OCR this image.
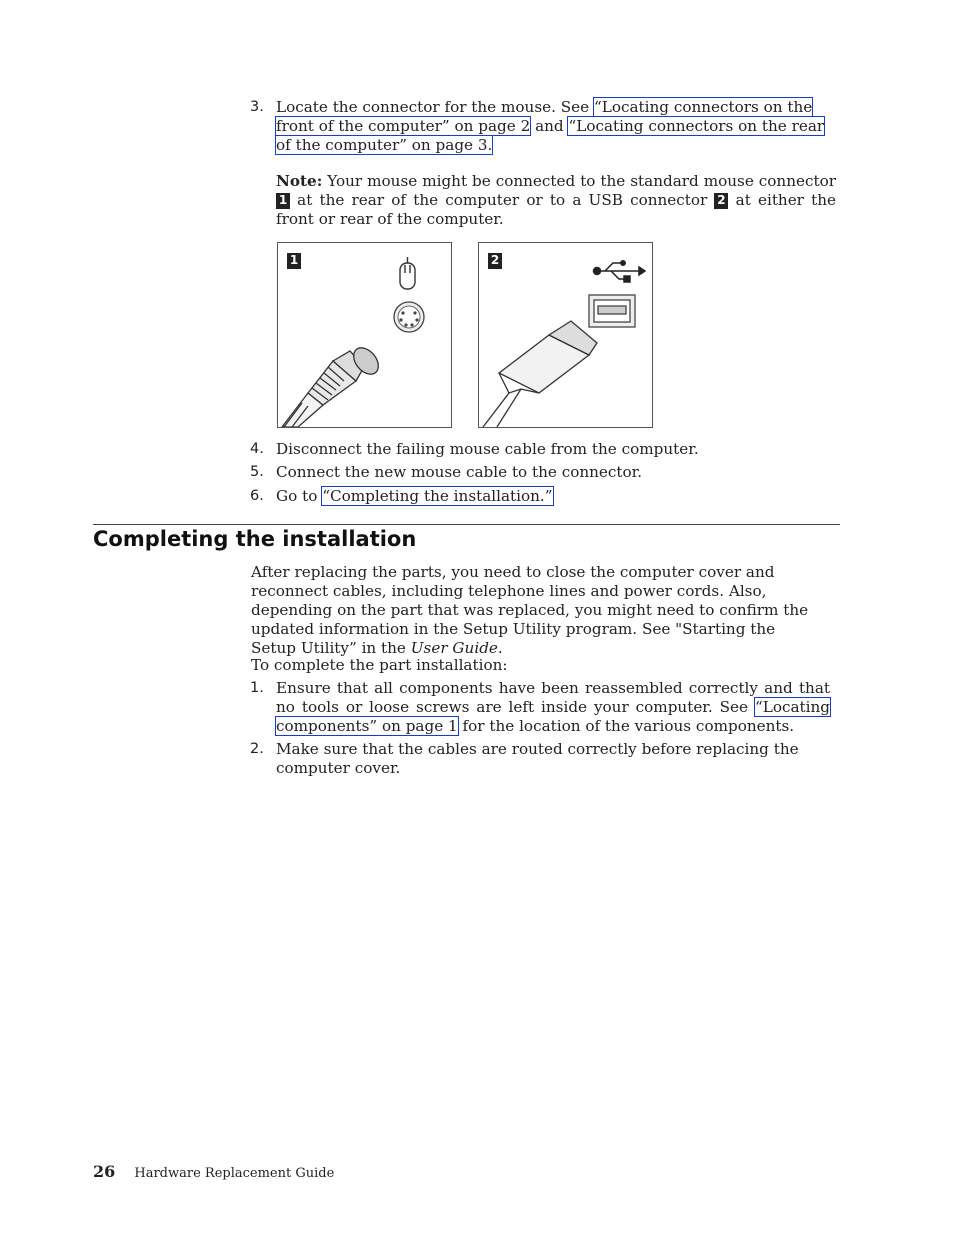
3. Locate the connector for the mouse. See “Locating connectors on the front of the computer” on page 2 and “Locating connectors on the rear of the computer” on page 3.
Note: Your mouse might be connected to the standard mouse connector 1 at the rear of the computer or to a USB connector 2 at either the front or rear of the computer.
1	2
4. Disconnect the failing mouse cable from the computer.
5. Connect the new mouse cable to the connector.
6. Go to “Completing the installation.”
Completing the installation
After replacing the parts, you need to close the computer cover and reconnect cables, including telephone lines and power cords. Also, depending on the part that was replaced, you might need to confirm the updated information in the Setup Utility program. See "Starting the Setup Utility” in the User Guide.
To complete the part installation:
1. Ensure that all components have been reassembled correctly and that no tools or loose screws are left inside your computer. See “Locating components” on page 1 for the location of the various components.
2. Make sure that the cables are routed correctly before replacing the computer cover.
26 Hardware Replacement Guide
